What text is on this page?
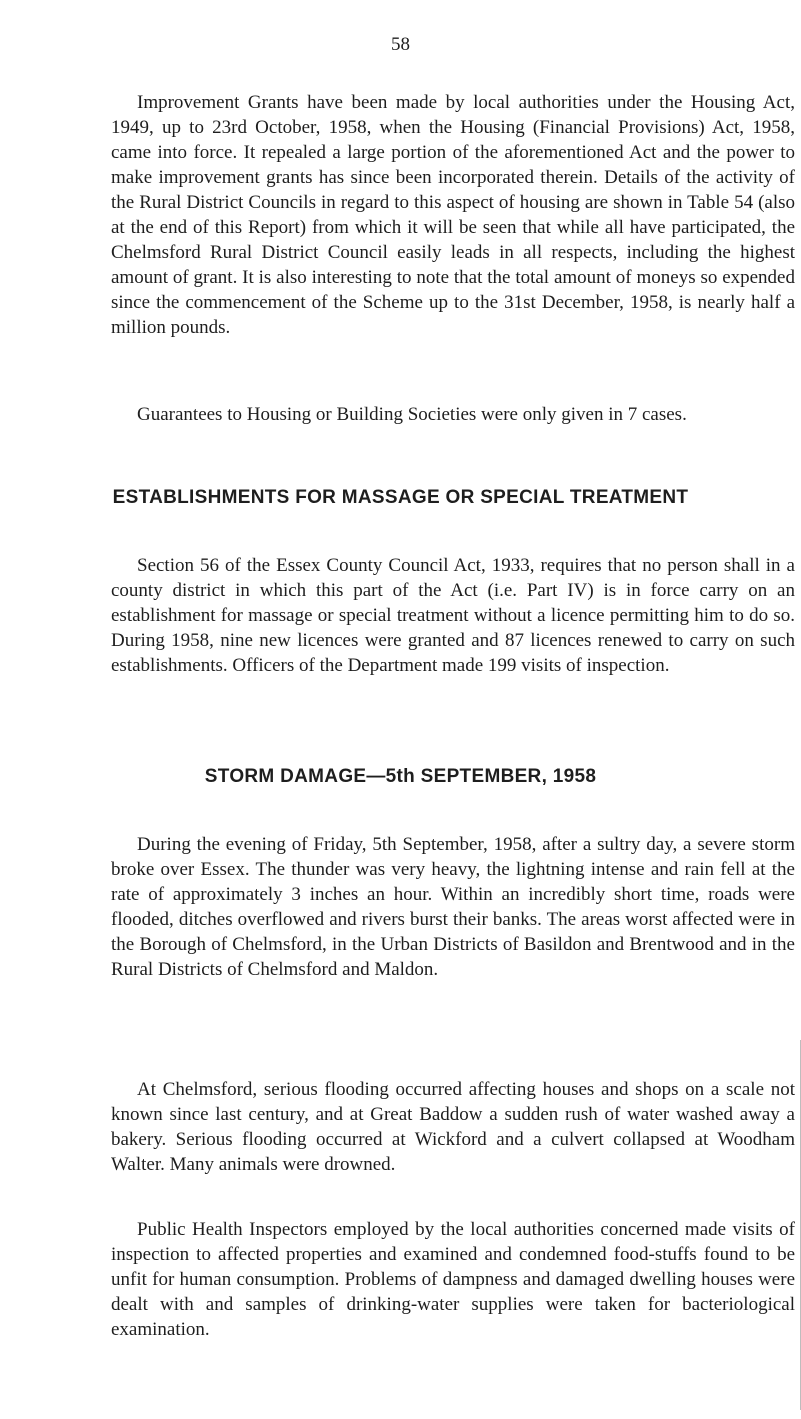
58

Improvement Grants have been made by local authorities under the Housing Act, 1949, up to 23rd October, 1958, when the Housing (Financial Provisions) Act, 1958, came into force. It repealed a large portion of the aforementioned Act and the power to make improvement grants has since been incorporated therein. Details of the activity of the Rural District Councils in regard to this aspect of housing are shown in Table 54 (also at the end of this Report) from which it will be seen that while all have participated, the Chelmsford Rural District Council easily leads in all respects, including the highest amount of grant. It is also interesting to note that the total amount of moneys so expended since the commencement of the Scheme up to the 31st December, 1958, is nearly half a million pounds.

Guarantees to Housing or Building Societies were only given in 7 cases.

ESTABLISHMENTS FOR MASSAGE OR SPECIAL TREATMENT

Section 56 of the Essex County Council Act, 1933, requires that no person shall in a county district in which this part of the Act (i.e. Part IV) is in force carry on an establishment for massage or special treatment without a licence permitting him to do so. During 1958, nine new licences were granted and 87 licences renewed to carry on such establishments. Officers of the Department made 199 visits of inspection.

STORM DAMAGE—5th SEPTEMBER, 1958

During the evening of Friday, 5th September, 1958, after a sultry day, a severe storm broke over Essex. The thunder was very heavy, the lightning intense and rain fell at the rate of approximately 3 inches an hour. Within an incredibly short time, roads were flooded, ditches overflowed and rivers burst their banks. The areas worst affected were in the Borough of Chelmsford, in the Urban Districts of Basildon and Brentwood and in the Rural Districts of Chelmsford and Maldon.

At Chelmsford, serious flooding occurred affecting houses and shops on a scale not known since last century, and at Great Baddow a sudden rush of water washed away a bakery. Serious flooding occurred at Wickford and a culvert collapsed at Woodham Walter. Many animals were drowned.

Public Health Inspectors employed by the local authorities concerned made visits of inspection to affected properties and examined and condemned food-stuffs found to be unfit for human consumption. Problems of dampness and damaged dwelling houses were dealt with and samples of drinking-water supplies were taken for bacteriological examination.
